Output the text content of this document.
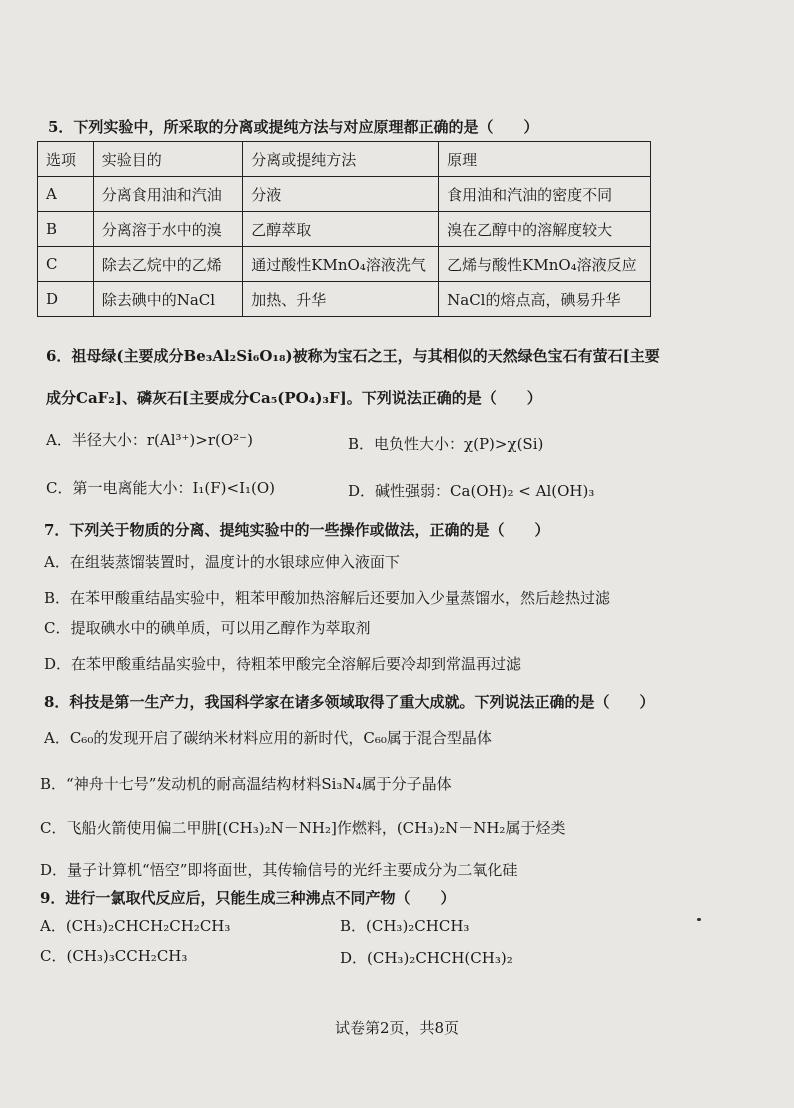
5．下列实验中，所采取的分离或提纯方法与对应原理都正确的是（　　）
选项	实验目的	分离或提纯方法	原理
A	分离食用油和汽油	分液	食用油和汽油的密度不同
B	分离溶于水中的溴	乙醇萃取	溴在乙醇中的溶解度较大
C	除去乙烷中的乙烯	通过酸性KMnO₄溶液洗气	乙烯与酸性KMnO₄溶液反应
D	除去碘中的NaCl	加热、升华	NaCl的熔点高，碘易升华
6．祖母绿(主要成分Be₃Al₂Si₆O₁₈)被称为宝石之王，与其相似的天然绿色宝石有萤石[主要
成分CaF₂]、磷灰石[主要成分Ca₅(PO₄)₃F]。下列说法正确的是（　　）
A．半径大小：r(Al³⁺)>r(O²⁻)	B．电负性大小：χ(P)>χ(Si)
C．第一电离能大小：I₁(F)<I₁(O)	D．碱性强弱：Ca(OH)₂ < Al(OH)₃
7．下列关于物质的分离、提纯实验中的一些操作或做法，正确的是（　　）
A．在组装蒸馏装置时，温度计的水银球应伸入液面下
B．在苯甲酸重结晶实验中，粗苯甲酸加热溶解后还要加入少量蒸馏水，然后趁热过滤
C．提取碘水中的碘单质，可以用乙醇作为萃取剂
D．在苯甲酸重结晶实验中，待粗苯甲酸完全溶解后要冷却到常温再过滤
8．科技是第一生产力，我国科学家在诸多领域取得了重大成就。下列说法正确的是（　　）
A．C₆₀的发现开启了碳纳米材料应用的新时代，C₆₀属于混合型晶体
B．“神舟十七号”发动机的耐高温结构材料Si₃N₄属于分子晶体
C．飞船火箭使用偏二甲肼[(CH₃)₂N－NH₂]作燃料，(CH₃)₂N－NH₂属于烃类
D．量子计算机“悟空”即将面世，其传输信号的光纤主要成分为二氧化硅
9．进行一氯取代反应后，只能生成三种沸点不同产物（　　）
A．(CH₃)₂CHCH₂CH₂CH₃	B．(CH₃)₂CHCH₃
C．(CH₃)₃CCH₂CH₃	D．(CH₃)₂CHCH(CH₃)₂
试卷第2页，共8页
